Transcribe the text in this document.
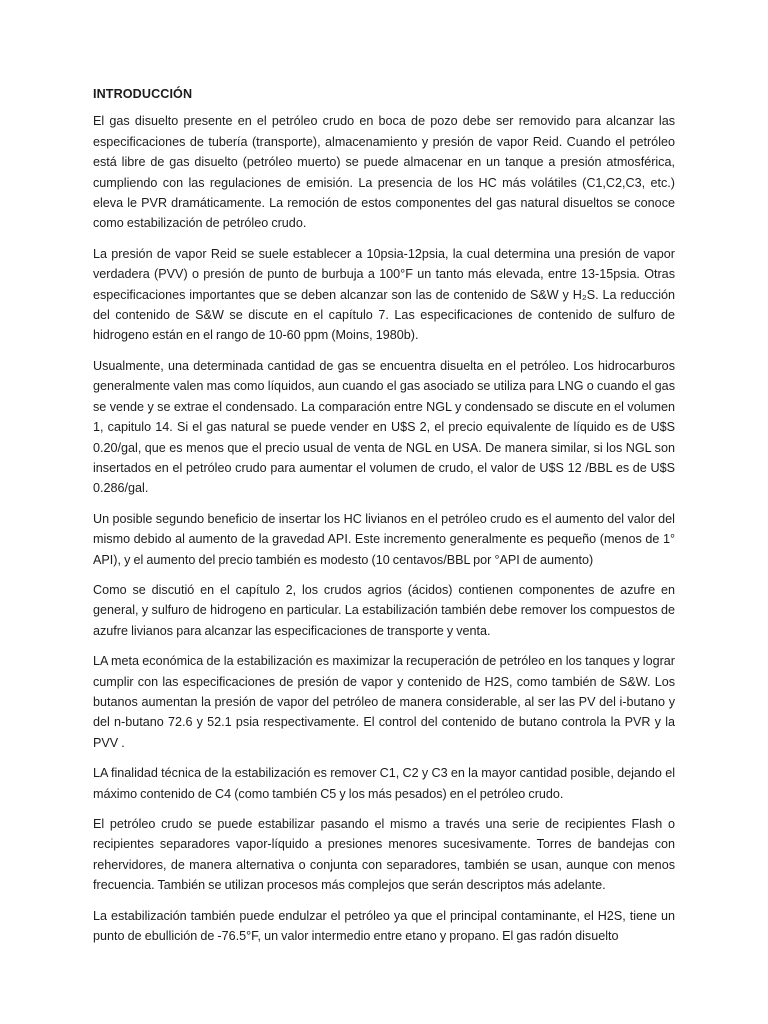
INTRODUCCIÓN

El gas disuelto presente en el petróleo crudo en boca de pozo debe ser removido para alcanzar las especificaciones de tubería (transporte), almacenamiento y presión de vapor Reid. Cuando el petróleo está libre de gas disuelto (petróleo muerto) se puede almacenar en un tanque a presión atmosférica, cumpliendo con las regulaciones de emisión. La presencia de los HC más volátiles (C1,C2,C3, etc.) eleva le PVR dramáticamente. La remoción de estos componentes del gas natural disueltos se conoce como estabilización de petróleo crudo.

La presión de vapor Reid se suele establecer a 10psia-12psia, la cual determina una presión de vapor verdadera (PVV) o presión de punto de burbuja a 100°F un tanto más elevada, entre 13-15psia. Otras especificaciones importantes que se deben alcanzar son las de contenido de S&W y H₂S. La reducción del contenido de S&W se discute en el capítulo 7. Las especificaciones de contenido de sulfuro de hidrogeno están en el rango de 10-60 ppm (Moins, 1980b).

Usualmente, una determinada cantidad de gas se encuentra disuelta en el petróleo. Los hidrocarburos generalmente valen mas como líquidos, aun cuando el gas asociado se utiliza para LNG o cuando el gas se vende y se extrae el condensado. La comparación entre NGL y condensado se discute en el volumen 1, capitulo 14. Si el gas natural se puede vender en U$S 2, el precio equivalente de líquido es de U$S 0.20/gal, que es menos que el precio usual de venta de NGL en USA. De manera similar, si los NGL son insertados en el petróleo crudo para aumentar el volumen de crudo, el valor de U$S 12 /BBL es de U$S 0.286/gal.

Un posible segundo beneficio de insertar los HC livianos en el petróleo crudo es el aumento del valor del mismo debido al aumento de la gravedad API. Este incremento generalmente es pequeño (menos de 1° API), y el aumento del precio también es modesto (10 centavos/BBL por °API de aumento)

Como se discutió en el capítulo 2, los crudos agrios (ácidos) contienen componentes de azufre en general, y sulfuro de hidrogeno en particular. La estabilización también debe remover los compuestos de azufre livianos para alcanzar las especificaciones de transporte y venta.

LA meta económica de la estabilización es maximizar la recuperación de petróleo en los tanques y lograr cumplir con las especificaciones de presión de vapor y contenido de H2S, como también de S&W. Los butanos aumentan la presión de vapor del petróleo de manera considerable, al ser las PV del i-butano y del n-butano 72.6 y 52.1 psia respectivamente. El control del contenido de butano controla la PVR y la PVV .

LA finalidad técnica de la estabilización es remover C1, C2 y C3 en la mayor cantidad posible, dejando el máximo contenido de C4 (como también C5 y los más pesados) en el petróleo crudo.

El petróleo crudo se puede estabilizar pasando el mismo a través una serie de recipientes Flash o recipientes separadores vapor-líquido a presiones menores sucesivamente. Torres de bandejas con rehervidores, de manera alternativa o conjunta con separadores, también se usan, aunque con menos frecuencia. También se utilizan procesos más complejos que serán descriptos más adelante.

La estabilización también puede endulzar el petróleo ya que el principal contaminante, el H2S, tiene un punto de ebullición de -76.5°F, un valor intermedio entre etano y propano. El gas radón disuelto
